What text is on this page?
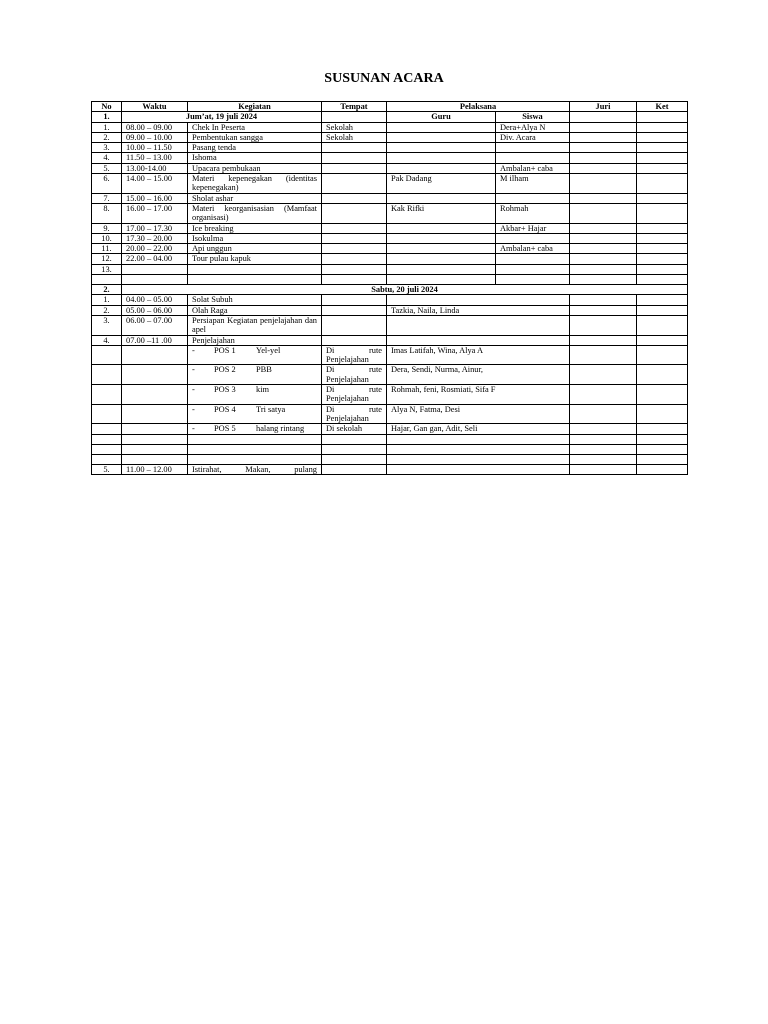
SUSUNAN ACARA
No	Waktu	Kegiatan	Tempat	Pelaksana		Juri	Ket
1.	Jum’at, 19 juli 2024			Guru	Siswa		
1.	08.00 – 09.00	Chek In Peserta	Sekolah		Dera+Alya N		
2.	09.00 – 10.00	Pembentukan sangga	Sekolah		Div. Acara		
3.	10.00 – 11.50	Pasang tenda					
4.	11.50 – 13.00	Ishoma					
5.	13.00-14.00	Upacara pembukaan			Ambalan+ caba		
6.	14.00 – 15.00	Materi kepenegakan (identitas kepenegakan)		Pak Dadang	M ilham		
7.	15.00 – 16.00	Sholat ashar					
8.	16.00 – 17.00	Materi keorganisasian (Mamfaat organisasi)		Kak Rifki	Rohmah		
9.	17.00 – 17.30	Ice breaking			Akbar+ Hajar		
10.	17.30 – 20.00	Isokulma					
11.	20.00 – 22.00	Api unggun			Ambalan+ caba		
12.	22.00 – 04.00	Tour pulau kapuk					
13.							

2.	Sabtu, 20 juli 2024						
1.	04.00 – 05.00	Solat Subuh					
2.	05.00 – 06.00	Olah Raga		Tazkia, Naila, Linda			
3.	06.00 – 07.00	Persiapan Kegiatan penjelajahan dan apel					
4.	07.00 –11 .00	Penjelajahan					
		- POS 1 Yel-yel	Di rute Penjelajahan	Imas Latifah, Wina, Alya A			
		- POS 2 PBB	Di rute Penjelajahan	Dera, Sendi, Nurma, Ainur,			
		- POS 3 kim	Di rute Penjelajahan	Rohmah, feni, Rosmiati, Sifa F			
		- POS 4 Tri satya	Di rute Penjelajahan	Alya N, Fatma, Desi			
		- POS 5 halang rintang	Di sekolah	Hajar, Gan gan, Adit, Seli			

5.	11.00 – 12.00	Istirahat, Makan, pulang					
